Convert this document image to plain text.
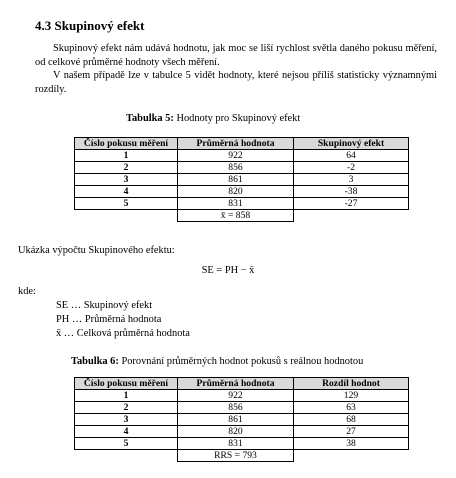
4.3 Skupinový efekt

Skupinový efekt nám udává hodnotu, jak moc se liší rychlost světla daného pokusu měření, od celkové průměrné hodnoty všech měření.

V našem případě lze v tabulce 5 vidět hodnoty, které nejsou příliš statisticky významnými rozdíly.

Tabulka 5: Hodnoty pro Skupinový efekt
Číslo pokusu měření	Průměrná hodnota	Skupinový efekt
1	922	64
2	856	-2
3	861	3
4	820	-38
5	831	-27
	x̄ = 858	
Ukázka výpočtu Skupinového efektu:
SE = PH − x̄
kde:
SE … Skupinový efekt
PH … Průměrná hodnota
x̄ … Celková průměrná hodnota
Tabulka 6: Porovnání průměrných hodnot pokusů s reálnou hodnotou
Číslo pokusu měření	Průměrná hodnota	Rozdíl hodnot
1	922	129
2	856	63
3	861	68
4	820	27
5	831	38
	RRS = 793	
